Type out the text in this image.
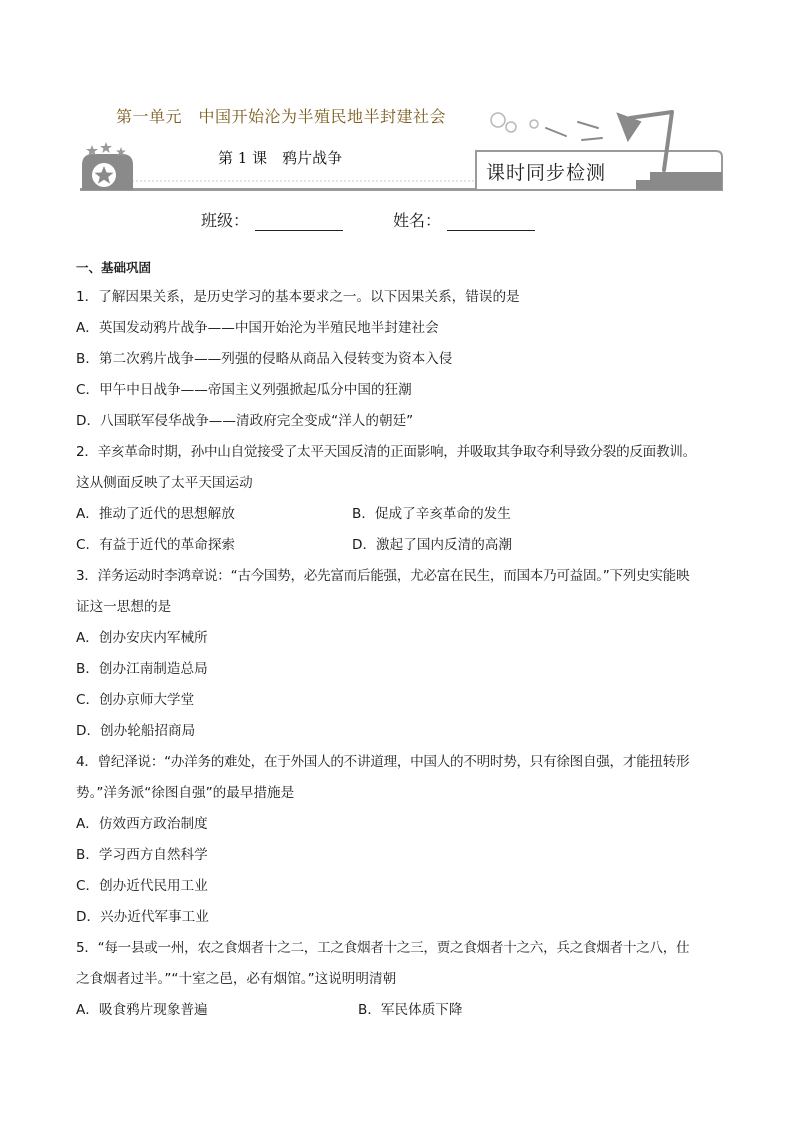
第一单元　中国开始沦为半殖民地半封建社会
第 1 课　鸦片战争
课时同步检测
班级：	姓名：
一、基础巩固

1．了解因果关系，是历史学习的基本要求之一。以下因果关系，错误的是

A．英国发动鸦片战争——中国开始沦为半殖民地半封建社会

B．第二次鸦片战争——列强的侵略从商品入侵转变为资本入侵

C．甲午中日战争——帝国主义列强掀起瓜分中国的狂潮

D．八国联军侵华战争——清政府完全变成“洋人的朝廷”

2．辛亥革命时期，孙中山自觉接受了太平天国反清的正面影响，并吸取其争取夺利导致分裂的反面教训。

这从侧面反映了太平天国运动

A．推动了近代的思想解放	B．促成了辛亥革命的发生
C．有益于近代的革命探索	D．激起了国内反清的高潮

3．洋务运动时李鸿章说：“古今国势，必先富而后能强，尤必富在民生，而国本乃可益固。”下列史实能映

证这一思想的是

A．创办安庆内军械所

B．创办江南制造总局

C．创办京师大学堂

D．创办轮船招商局

4．曾纪泽说：“办洋务的难处，在于外国人的不讲道理，中国人的不明时势，只有徐图自强，才能扭转形

势。”洋务派“徐图自强”的最早措施是

A．仿效西方政治制度

B．学习西方自然科学

C．创办近代民用工业

D．兴办近代军事工业

5．“每一县或一州，农之食烟者十之二，工之食烟者十之三，贾之食烟者十之六，兵之食烟者十之八，仕

之食烟者过半。”“十室之邑，必有烟馆。”这说明明清朝

A．吸食鸦片现象普遍	B．军民体质下降
